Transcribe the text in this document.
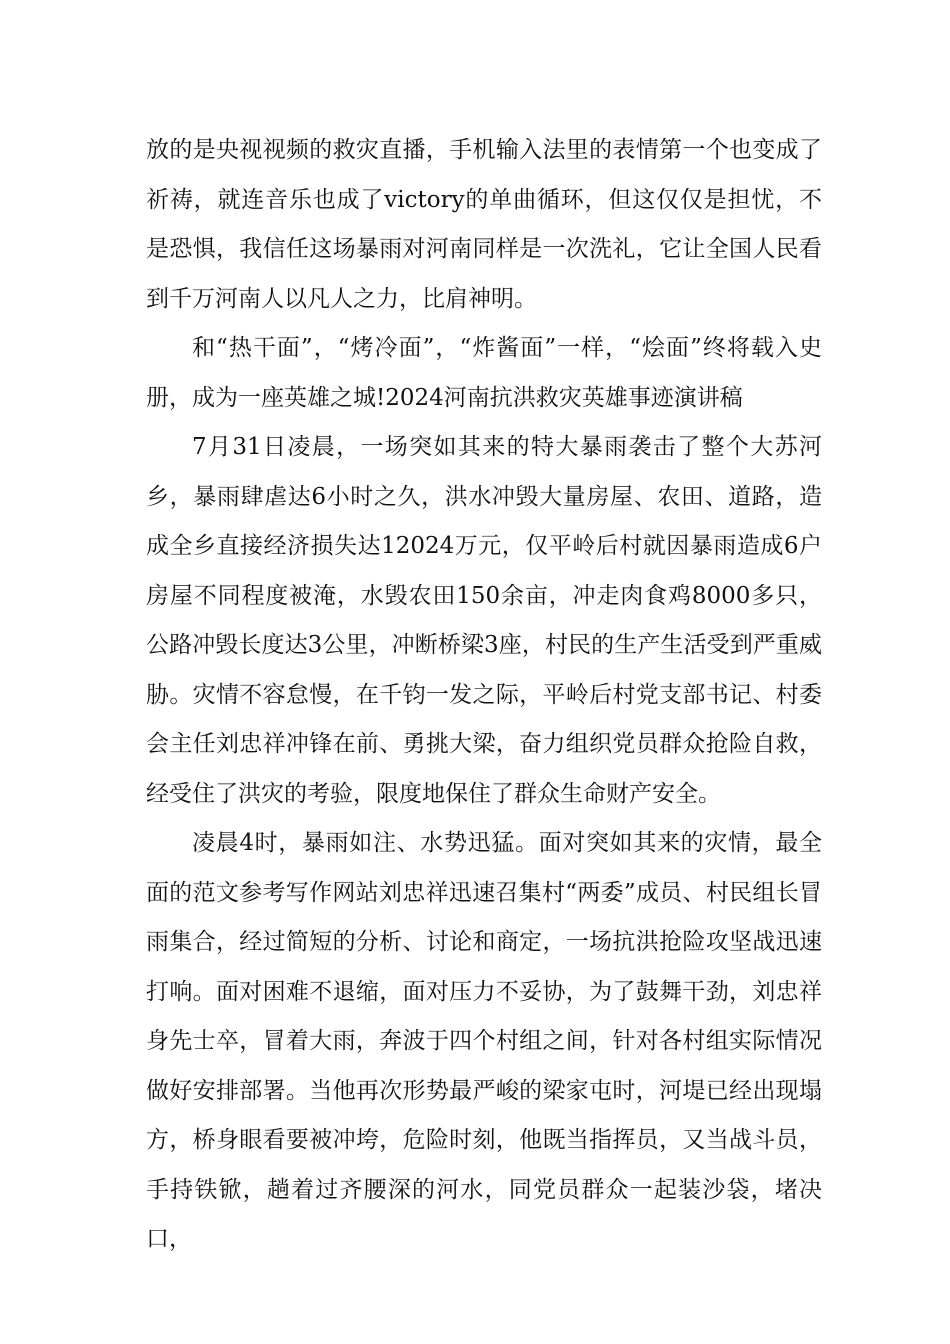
放的是央视视频的救灾直播，手机输入法里的表情第一个也变成了祈祷，就连音乐也成了victory的单曲循环，但这仅仅是担忧，不是恐惧，我信任这场暴雨对河南同样是一次洗礼，它让全国人民看到千万河南人以凡人之力，比肩神明。

和“热干面”，“烤冷面”，“炸酱面”一样，“烩面”终将载入史册，成为一座英雄之城!2024河南抗洪救灾英雄事迹演讲稿

7月31日凌晨，一场突如其来的特大暴雨袭击了整个大苏河乡，暴雨肆虐达6小时之久，洪水冲毁大量房屋、农田、道路，造成全乡直接经济损失达12024万元，仅平岭后村就因暴雨造成6户房屋不同程度被淹，水毁农田150余亩，冲走肉食鸡8000多只，公路冲毁长度达3公里，冲断桥梁3座，村民的生产生活受到严重威胁。灾情不容怠慢，在千钧一发之际，平岭后村党支部书记、村委会主任刘忠祥冲锋在前、勇挑大梁，奋力组织党员群众抢险自救，经受住了洪灾的考验，限度地保住了群众生命财产安全。

凌晨4时，暴雨如注、水势迅猛。面对突如其来的灾情，最全面的范文参考写作网站刘忠祥迅速召集村“两委”成员、村民组长冒雨集合，经过简短的分析、讨论和商定，一场抗洪抢险攻坚战迅速打响。面对困难不退缩，面对压力不妥协，为了鼓舞干劲，刘忠祥身先士卒，冒着大雨，奔波于四个村组之间，针对各村组实际情况做好安排部署。当他再次形势最严峻的梁家屯时，河堤已经出现塌方，桥身眼看要被冲垮，危险时刻，他既当指挥员，又当战斗员，手持铁锨，趟着过齐腰深的河水，同党员群众一起装沙袋，堵决口，
